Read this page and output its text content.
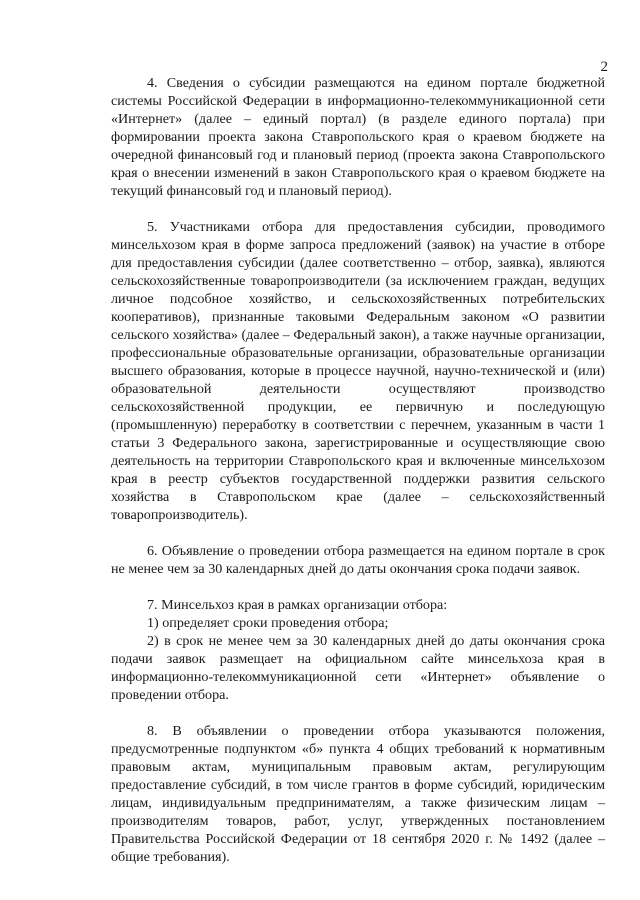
2

4. Сведения о субсидии размещаются на едином портале бюджетной системы Российской Федерации в информационно-телекоммуникационной сети «Интернет» (далее – единый портал) (в разделе единого портала) при формировании проекта закона Ставропольского края о краевом бюджете на очередной финансовый год и плановый период (проекта закона Ставропольского края о внесении изменений в закон Ставропольского края о краевом бюджете на текущий финансовый год и плановый период).

5. Участниками отбора для предоставления субсидии, проводимого минсельхозом края в форме запроса предложений (заявок) на участие в отборе для предоставления субсидии (далее соответственно – отбор, заявка), являются сельскохозяйственные товаропроизводители (за исключением граждан, ведущих личное подсобное хозяйство, и сельскохозяйственных потребительских кооперативов), признанные таковыми Федеральным законом «О развитии сельского хозяйства» (далее – Федеральный закон), а также научные организации, профессиональные образовательные организации, образовательные организации высшего образования, которые в процессе научной, научно-технической и (или) образовательной деятельности осуществляют производство сельскохозяйственной продукции, ее первичную и последующую (промышленную) переработку в соответствии с перечнем, указанным в части 1 статьи 3 Федерального закона, зарегистрированные и осуществляющие свою деятельность на территории Ставропольского края и включенные минсельхозом края в реестр субъектов государственной поддержки развития сельского хозяйства в Ставропольском крае (далее – сельскохозяйственный товаропроизводитель).

6. Объявление о проведении отбора размещается на едином портале в срок не менее чем за 30 календарных дней до даты окончания срока подачи заявок.

7. Минсельхоз края в рамках организации отбора:

1) определяет сроки проведения отбора;

2) в срок не менее чем за 30 календарных дней до даты окончания срока подачи заявок размещает на официальном сайте минсельхоза края в информационно-телекоммуникационной сети «Интернет» объявление о проведении отбора.

8. В объявлении о проведении отбора указываются положения, предусмотренные подпунктом «б» пункта 4 общих требований к нормативным правовым актам, муниципальным правовым актам, регулирующим предоставление субсидий, в том числе грантов в форме субсидий, юридическим лицам, индивидуальным предпринимателям, а также физическим лицам – производителям товаров, работ, услуг, утвержденных постановлением Правительства Российской Федерации от 18 сентября 2020 г. № 1492 (далее – общие требования).
